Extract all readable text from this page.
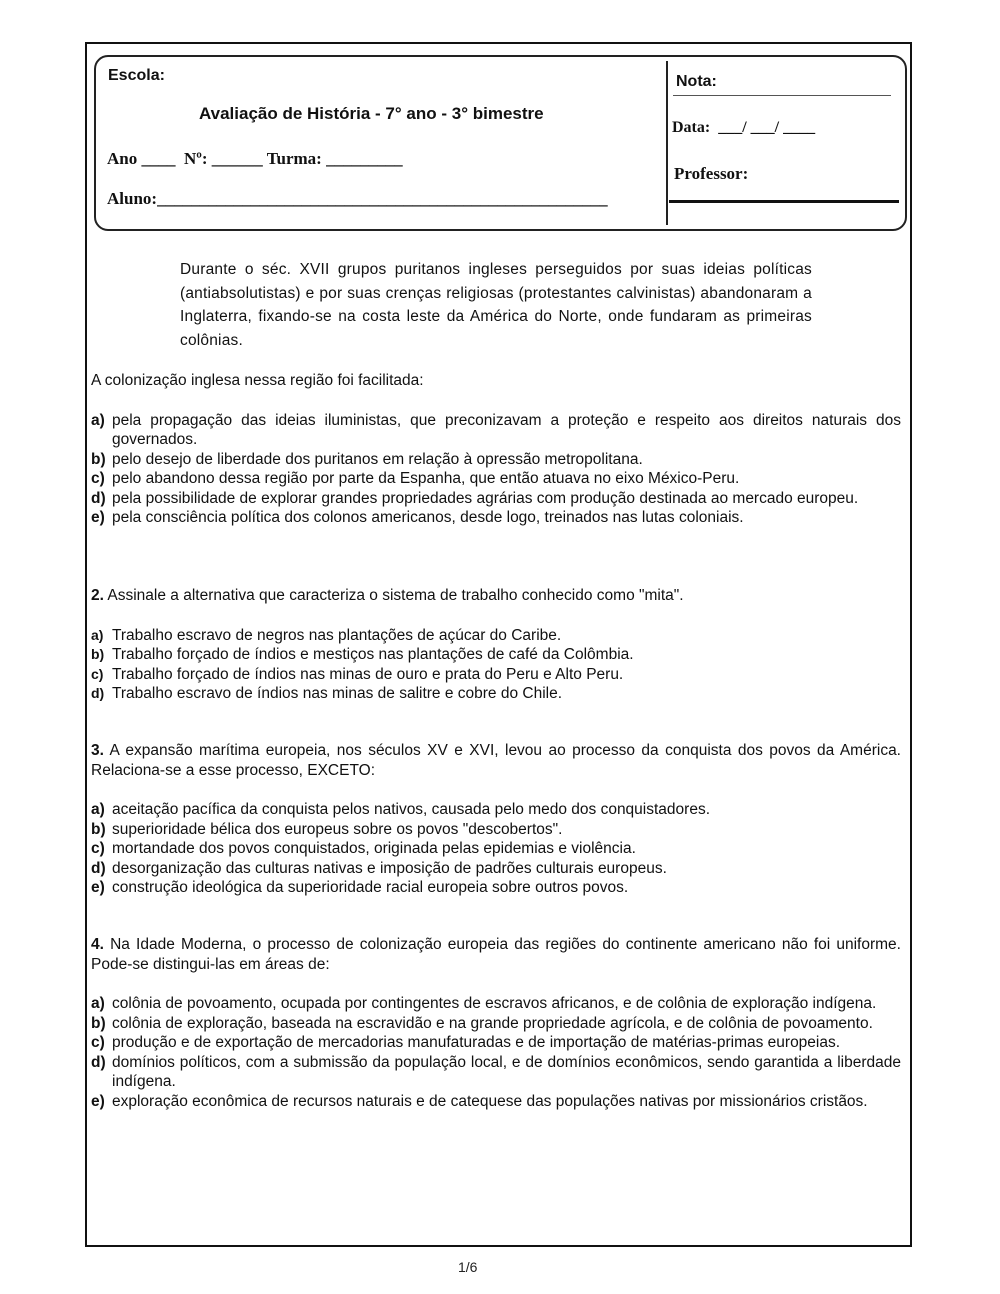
Escola:
Avaliação de História - 7° ano - 3° bimestre
Ano ____  Nº: ______ Turma: _________
Aluno:_____________________________________________________
Nota:
Data:  ___/ ___/ ____
Professor:

Durante o séc. XVII grupos puritanos ingleses perseguidos por suas ideias políticas (antiabsolutistas) e por suas crenças religiosas (protestantes calvinistas) abandonaram a Inglaterra, fixando-se na costa leste da América do Norte, onde fundaram as primeiras colônias.

A colonização inglesa nessa região foi facilitada:

a) pela propagação das ideias iluministas, que preconizavam a proteção e respeito aos direitos naturais dos governados.
b) pelo desejo de liberdade dos puritanos em relação à opressão metropolitana.
c) pelo abandono dessa região por parte da Espanha, que então atuava no eixo México-Peru.
d) pela possibilidade de explorar grandes propriedades agrárias com produção destinada ao mercado europeu.
e) pela consciência política dos colonos americanos, desde logo, treinados nas lutas coloniais.

2. Assinale a alternativa que caracteriza o sistema de trabalho conhecido como "mita".

a) Trabalho escravo de negros nas plantações de açúcar do Caribe.
b) Trabalho forçado de índios e mestiços nas plantações de café da Colômbia.
c) Trabalho forçado de índios nas minas de ouro e prata do Peru e Alto Peru.
d) Trabalho escravo de índios nas minas de salitre e cobre do Chile.

3. A expansão marítima europeia, nos séculos XV e XVI, levou ao processo da conquista dos povos da América. Relaciona-se a esse processo, EXCETO:

a) aceitação pacífica da conquista pelos nativos, causada pelo medo dos conquistadores.
b) superioridade bélica dos europeus sobre os povos "descobertos".
c) mortandade dos povos conquistados, originada pelas epidemias e violência.
d) desorganização das culturas nativas e imposição de padrões culturais europeus.
e) construção ideológica da superioridade racial europeia sobre outros povos.

4. Na Idade Moderna, o processo de colonização europeia das regiões do continente americano não foi uniforme. Pode-se distingui-las em áreas de:

a) colônia de povoamento, ocupada por contingentes de escravos africanos, e de colônia de exploração indígena.
b) colônia de exploração, baseada na escravidão e na grande propriedade agrícola, e de colônia de povoamento.
c) produção e de exportação de mercadorias manufaturadas e de importação de matérias-primas europeias.
d) domínios políticos, com a submissão da população local, e de domínios econômicos, sendo garantida a liberdade indígena.
e) exploração econômica de recursos naturais e de catequese das populações nativas por missionários cristãos.
1/6
